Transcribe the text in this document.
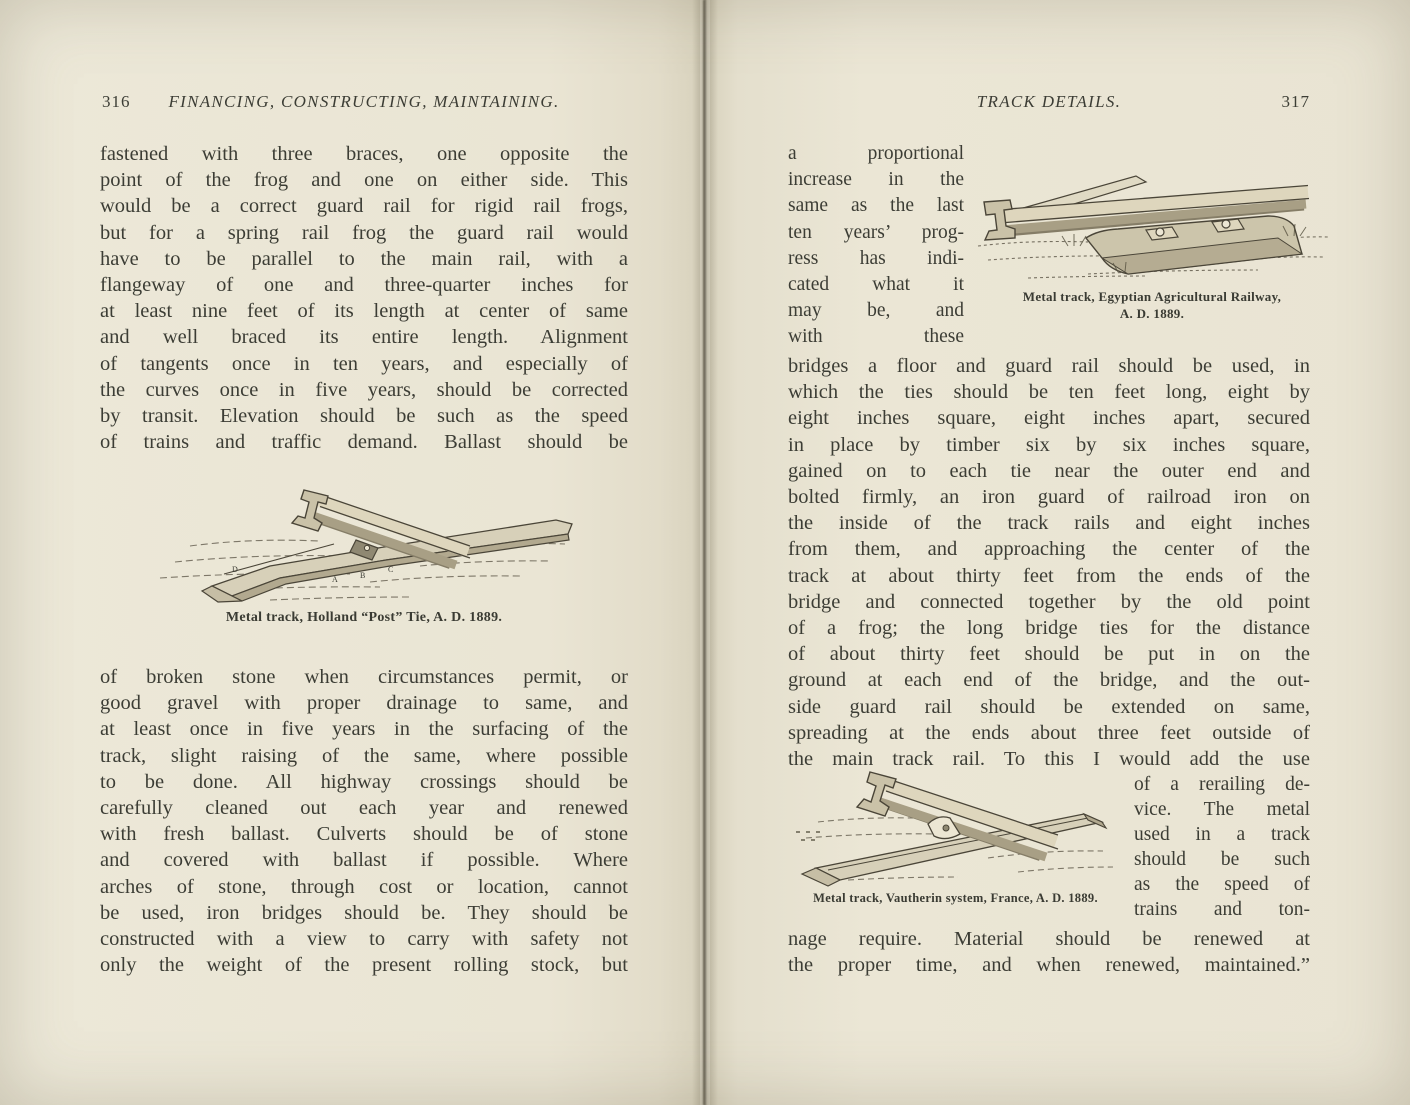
316	FINANCING, CONSTRUCTING, MAINTAINING.
fastened with three braces, one opposite the
point of the frog and one on either side. This
would be a correct guard rail for rigid rail frogs,
but for a spring rail frog the guard rail would
have to be parallel to the main rail, with a
flangeway of one and three-quarter inches for
at least nine feet of its length at center of same
and well braced its entire length. Alignment
of tangents once in ten years, and especially of
the curves once in five years, should be corrected
by transit. Elevation should be such as the speed
of trains and traffic demand. Ballast should be
D
A	B
C
Metal track, Holland “Post” Tie, A. D. 1889.
of broken stone when circumstances permit, or
good gravel with proper drainage to same, and
at least once in five years in the surfacing of the
track, slight raising of the same, where possible
to be done. All highway crossings should be
carefully cleaned out each year and renewed
with fresh ballast. Culverts should be of stone
and covered with ballast if possible. Where
arches of stone, through cost or location, cannot
be used, iron bridges should be. They should be
constructed with a view to carry with safety not
only the weight of the present rolling stock, but
TRACK DETAILS.	317
a proportional
increase in the
same as the last
ten years’ prog-
ress has indi-
cated what it
may be, and
with these
Metal track, Egyptian Agricultural Railway,
A. D. 1889.
bridges a floor and guard rail should be used, in
which the ties should be ten feet long, eight by
eight inches square, eight inches apart, secured
in place by timber six by six inches square,
gained on to each tie near the outer end and
bolted firmly, an iron guard of railroad iron on
the inside of the track rails and eight inches
from them, and approaching the center of the
track at about thirty feet from the ends of the
bridge and connected together by the old point
of a frog; the long bridge ties for the distance
of about thirty feet should be put in on the
ground at each end of the bridge, and the out-
side guard rail should be extended on same,
spreading at the ends about three feet outside of
the main track rail. To this I would add the use
Metal track, Vautherin system, France, A. D. 1889.
of a rerailing de-
vice. The metal
used in a track
should be such
as the speed of
trains and ton-
nage require. Material should be renewed at
the proper time, and when renewed, maintained.”
